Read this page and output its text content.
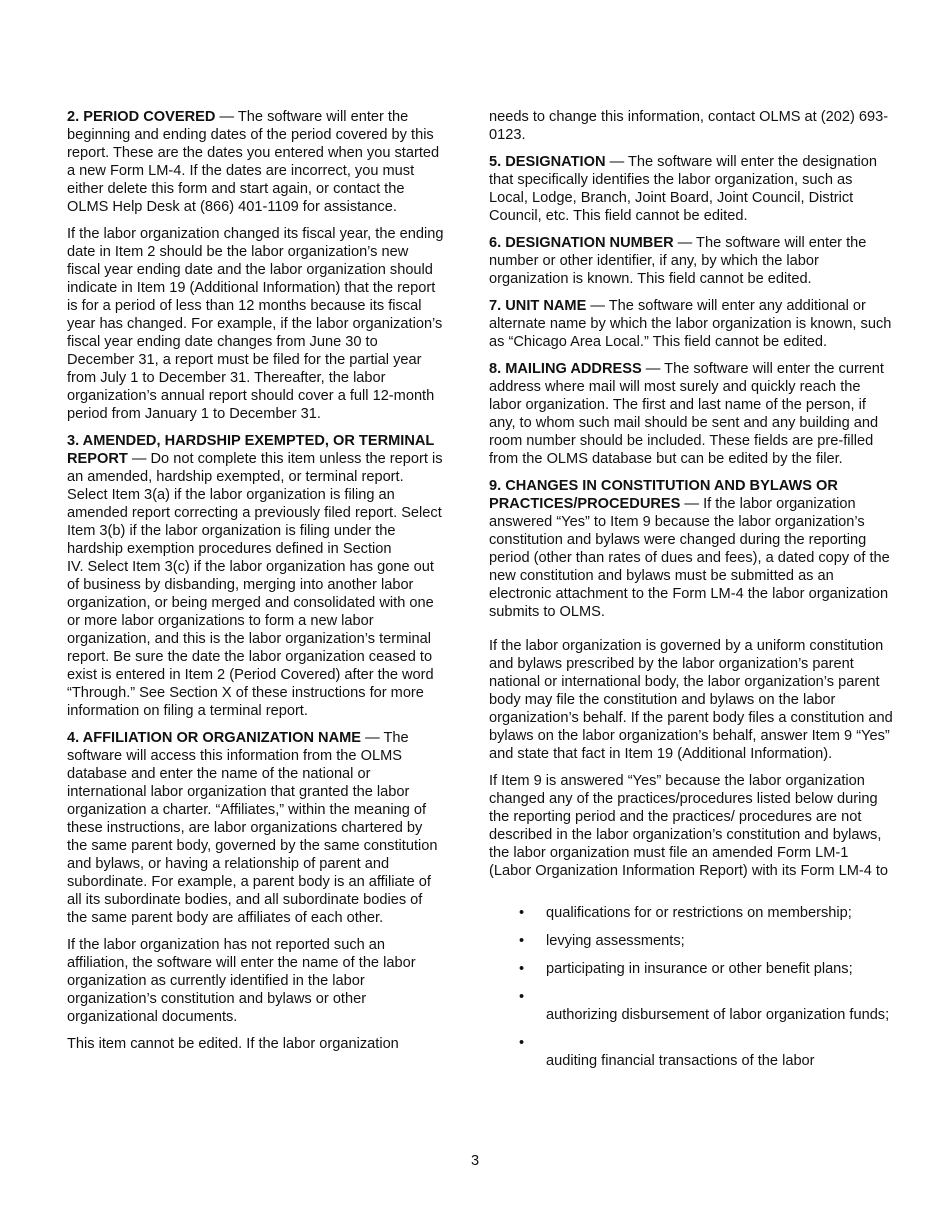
2. PERIOD COVERED — The software will enter the beginning and ending dates of the period covered by this report. These are the dates you entered when you started a new Form LM-4. If the dates are incorrect, you must either delete this form and start again, or contact the OLMS Help Desk at (866) 401-1109 for assistance.

If the labor organization changed its fiscal year, the ending date in Item 2 should be the labor organization’s new fiscal year ending date and the labor organization should indicate in Item 19 (Additional Information) that the report is for a period of less than 12 months because its fiscal year has changed. For example, if the labor organization’s fiscal year ending date changes from June 30 to December 31, a report must be filed for the partial year from July 1 to December 31. Thereafter, the labor organization’s annual report should cover a full 12-month period from January 1 to December 31.

3. AMENDED, HARDSHIP EXEMPTED, OR TERMINAL REPORT — Do not complete this item unless the report is an amended, hardship exempted, or terminal report. Select Item 3(a) if the labor organization is filing an amended report correcting a previously filed report. Select Item 3(b) if the labor organization is filing under the hardship exemption procedures defined in Section

IV. Select Item 3(c) if the labor organization has gone out of business by disbanding, merging into another labor organization, or being merged and consolidated with one or more labor organizations to form a new labor organization, and this is the labor organization’s terminal report. Be sure the date the labor organization ceased to exist is entered in Item 2 (Period Covered) after the word “Through.” See Section X of these instructions for more information on filing a terminal report.

4. AFFILIATION OR ORGANIZATION NAME — The software will access this information from the OLMS database and enter the name of the national or international labor organization that granted the labor organization a charter. “Affiliates,” within the meaning of these instructions, are labor organizations chartered by the same parent body, governed by the same constitution and bylaws, or having a relationship of parent and subordinate. For example, a parent body is an affiliate of all its subordinate bodies, and all subordinate bodies of the same parent body are affiliates of each other.

If the labor organization has not reported such an affiliation, the software will enter the name of the labor organization as currently identified in the labor organization’s constitution and bylaws or other organizational documents.

This item cannot be edited. If the labor organization

needs to change this information, contact OLMS at (202) 693-0123.

5. DESIGNATION — The software will enter the designation that specifically identifies the labor organization, such as Local, Lodge, Branch, Joint Board, Joint Council, District Council, etc. This field cannot be edited.

6. DESIGNATION NUMBER — The software will enter the number or other identifier, if any, by which the labor organization is known. This field cannot be edited.

7. UNIT NAME — The software will enter any additional or alternate name by which the labor organization is known, such as “Chicago Area Local.” This field cannot be edited.

8. MAILING ADDRESS — The software will enter the current address where mail will most surely and quickly reach the labor organization. The first and last name of the person, if any, to whom such mail should be sent and any building and room number should be included. These fields are pre-filled from the OLMS database but can be edited by the filer.

9. CHANGES IN CONSTITUTION AND BYLAWS OR PRACTICES/PROCEDURES — If the labor organization answered “Yes” to Item 9 because the labor organization’s constitution and bylaws were changed during the reporting period (other than rates of dues and fees), a dated copy of the new constitution and bylaws must be submitted as an electronic attachment to the Form LM-4 the labor organization submits to OLMS.

If the labor organization is governed by a uniform constitution and bylaws prescribed by the labor organization’s parent national or international body, the labor organization’s parent body may file the constitution and bylaws on the labor organization’s behalf. If the parent body files a constitution and bylaws on the labor organization’s behalf, answer Item 9 “Yes” and state that fact in Item 19 (Additional Information).

If Item 9 is answered “Yes” because the labor organization changed any of the practices/procedures listed below during the reporting period and the practices/ procedures are not described in the labor organization’s constitution and bylaws, the labor organization must file an amended Form LM-1 (Labor Organization Information Report) with its Form LM-4 to

• qualifications for or restrictions on membership;
• levying assessments;
• participating in insurance or other benefit plans;
•
authorizing disbursement of labor organization funds;
•
auditing financial transactions of the labor
3
